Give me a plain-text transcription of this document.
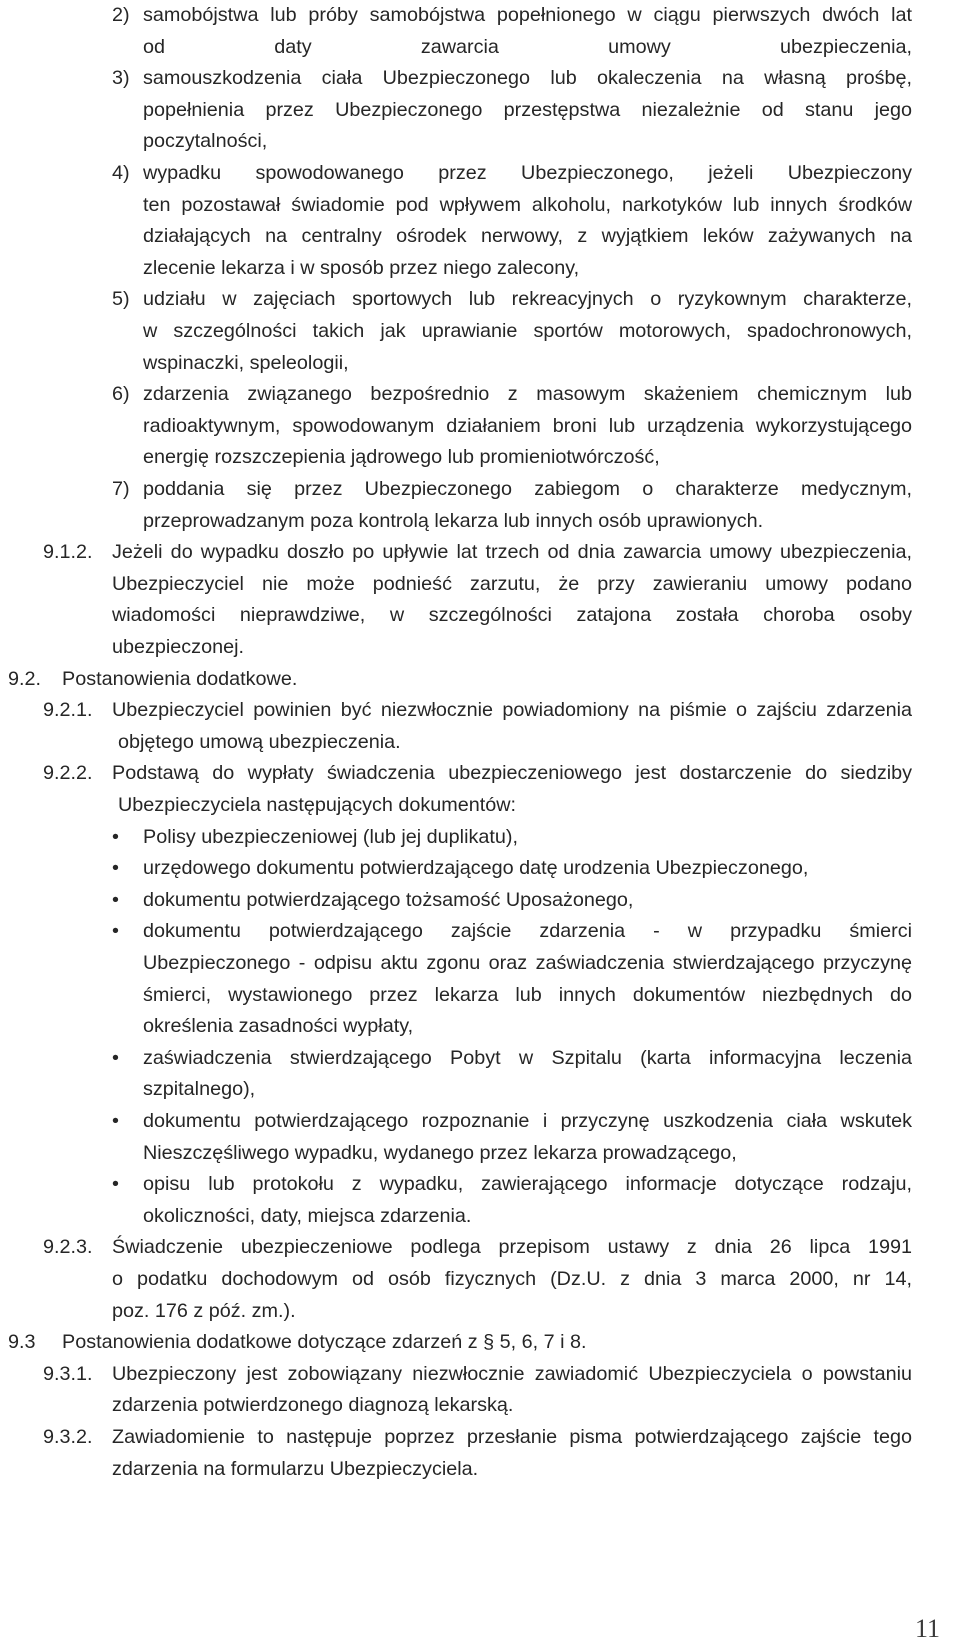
2) samobójstwa lub próby samobójstwa popełnionego w ciągu pierwszych dwóch lat
od daty zawarcia umowy ubezpieczenia,
3) samouszkodzenia ciała Ubezpieczonego lub okaleczenia na własną prośbę,
popełnienia przez Ubezpieczonego przestępstwa niezależnie od stanu jego
poczytalności,
4) wypadku spowodowanego przez Ubezpieczonego, jeżeli Ubezpieczony
ten pozostawał świadomie pod wpływem alkoholu, narkotyków lub innych środków
działających na centralny ośrodek nerwowy, z wyjątkiem leków zażywanych na
zlecenie lekarza i w sposób przez niego zalecony,
5) udziału w zajęciach sportowych lub rekreacyjnych o ryzykownym charakterze,
w szczególności takich jak uprawianie sportów motorowych, spadochronowych,
wspinaczki, speleologii,
6) zdarzenia związanego bezpośrednio z masowym skażeniem chemicznym lub
radioaktywnym, spowodowanym działaniem broni lub urządzenia wykorzystującego
energię rozszczepienia jądrowego lub promieniotwórczość,
7) poddania się przez Ubezpieczonego zabiegom o charakterze medycznym,
przeprowadzanym poza kontrolą lekarza lub innych osób uprawionych.
9.1.2. Jeżeli do wypadku doszło po upływie lat trzech od dnia zawarcia umowy ubezpieczenia,
Ubezpieczyciel nie może podnieść zarzutu, że przy zawieraniu umowy podano
wiadomości nieprawdziwe, w szczególności zatajona została choroba osoby
ubezpieczonej.
9.2. Postanowienia dodatkowe.
9.2.1. Ubezpieczyciel powinien być niezwłocznie powiadomiony na piśmie o zajściu zdarzenia
objętego umową ubezpieczenia.
9.2.2. Podstawą do wypłaty świadczenia ubezpieczeniowego jest dostarczenie do siedziby
Ubezpieczyciela następujących dokumentów:
• Polisy ubezpieczeniowej (lub jej duplikatu),
• urzędowego dokumentu potwierdzającego datę urodzenia Ubezpieczonego,
• dokumentu potwierdzającego tożsamość Uposażonego,
• dokumentu potwierdzającego zajście zdarzenia - w przypadku śmierci
Ubezpieczonego - odpisu aktu zgonu oraz zaświadczenia stwierdzającego przyczynę
śmierci, wystawionego przez lekarza lub innych dokumentów niezbędnych do
określenia zasadności wypłaty,
• zaświadczenia stwierdzającego Pobyt w Szpitalu (karta informacyjna leczenia
szpitalnego),
• dokumentu potwierdzającego rozpoznanie i przyczynę uszkodzenia ciała wskutek
Nieszczęśliwego wypadku, wydanego przez lekarza prowadzącego,
• opisu lub protokołu z wypadku, zawierającego informacje dotyczące rodzaju,
okoliczności, daty, miejsca zdarzenia.
9.2.3. Świadczenie ubezpieczeniowe podlega przepisom ustawy z dnia 26 lipca 1991
o podatku dochodowym od osób fizycznych (Dz.U. z dnia 3 marca 2000, nr 14,
poz. 176 z póź. zm.).
9.3 Postanowienia dodatkowe dotyczące zdarzeń z § 5, 6, 7 i 8.
9.3.1. Ubezpieczony jest zobowiązany niezwłocznie zawiadomić Ubezpieczyciela o powstaniu
zdarzenia potwierdzonego diagnozą lekarską.
9.3.2. Zawiadomienie to następuje poprzez przesłanie pisma potwierdzającego zajście tego
zdarzenia na formularzu Ubezpieczyciela.
11
